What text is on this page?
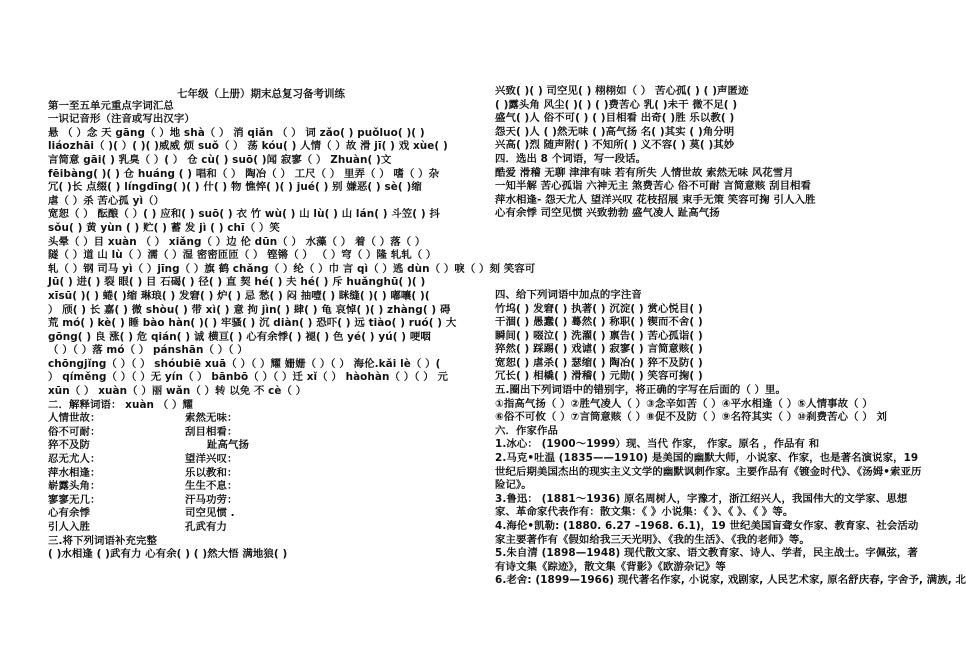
七年级（上册）期末总复习备考训练
第一至五单元重点字词汇总
一识记音形（注音或写出汉字）
悬 （ ）念 天 gāng（ ）地 shà（ ） 消 qiǎn （ ） 词 zǎo( ) puǒluo( )( )
liáozhāi（ )( ）( )( )威威 烦 suǒ（ ） 荡 kóu( ) 人情（ ）故 滑 jī( ) 戏 xùe( )
言简意 gāi( ) 乳臭（ ）( ） 仓 cù( ) suō( )闻 寂寥（ ） Zhuàn( )文
fēibàng( )( ) 仓 huáng ( ) 唱和（ ） 陶冶（ ） 工尺（ ） 里弄（ ） 嗜（ ）杂
冗( )长 点缀( ) língdīng( )( ) 什( ) 物 憔悴( )( ) jué( ) 别 嫌恶( ) sè( )缩
虐（ ）杀 苦心孤 yì（）
宽恕（ ） 酝酿（ ）( ) 应和( ) suō( ) 衣 竹 wù( ) 山 lù( ) 山 lán( ) 斗笠( ) 抖
sǒu( ) 黄 yùn ( ) 贮( ) 蓄 发 jì ( ) chī（ ）笑
头晕（ ）目 xuàn （ ） xiǎng（ ）边 伦 dūn（ ） 水藻（ ） 着（ ）落（ ）
隧（ ）道 山 lù（ ）濡（ ）湿 密密匝匝（ ） 铿锵（ ） （ ）穹（ ）隆 轧轧（ ）
轧（ ）钢 司马 yì（ ）jīng（ ）旗 鹤 chǎng（ ）纶（ ）巾 言 qì（ ）逃 dùn（ ）唳（ ）刻 笑容可
Jū( ) 进( ) 裂 眼( ) 目 石碣( ) 径( ) 直 契 hé( ) 夫 hé( ) 斥 huǎnghū( )( )
xīsū( )( ) 蜷( )缩 琳琅( ) 发窘( ) 炉( ) 忌 愁( ) 闷 抽噎( ) 眯缝( )( ) 嘟嚷( )(
） 颀( ) 长 嘉( ) 微 shòu( ) 带 xì( ) 意 拘 jìn( ) 肆( ) 龟 哀悼( )( ) zhàng( ) 碍
荒 mó( ) kè( ) 睡 bào hàn( )( ) 牢骚( ) 沉 diàn( ) 恐吓( ) 远 tiào( ) ruó( ) 大
gōng( ) 良 涨( ) 危 qián( ) 诚 横亘( ) 心有余悸( ) 褪( ) 色 yé( ) yú( ) 哽咽
（ ）（ ）落 mó（ ） pánshān（ ）（ ）
chōngjǐng（ ）（ ） shóubiē xuā（ ）（ ）耀 姗姗（ ）（ ） 海伦.kǎi lè（ ）(
） qíměng（ ）（ ）无 yín（ ） bānbō（ ）（ ）迁 xǐ（ ） hàohàn（ ）（ ） 元
xūn（ ） xuàn（ ）丽 wǎn（ ）转 以免 不 cè（ ）
二．解释词语： xuàn （ ）耀
人情世故：	索然无味：
俗不可耐：	刮目相看：
猝不及防	趾高气扬
忍无尤人：	望洋兴叹：
萍水相逢：	乐以教和：
崭露头角：	生生不息：
寥寥无几：	汗马功劳：
心有余悸	司空见惯 .
引人入胜	孔武有力
三.将下列词语补充完整
( )水相逢 ( )武有力 心有余( ) ( )然大悟 满地狼( )
兴致( )( ) 司空见( ) 栩栩如（ ） 苦心孤( ) ( )声匿迹
( )露头角 风尘( )( ) ( )费苦心 乳( )未干 微不足( )
盛气( )人 俗不可( ) ( )目相看 出奇( )胜 乐以教( )
怨天( )人 ( )然无味 ( )高气扬 名( )其实 ( )角分明
兴高( )烈 随声附( ) 不知所( ) 义不容( ) 莫( )其妙
四．选出 8 个词语，写一段话。
酷爱 滑稽 无聊 津津有味 若有所失 人情世故 索然无味 风花雪月
一知半解 苦心孤诣 六神无主 煞费苦心 俗不可耐 言简意赅 刮目相看
萍水相逢- 怨天尤人 望洋兴叹 花枝招展 束手无策 笑容可掬 引人入胜
心有余悸 司空见惯 兴致勃勃 盛气凌人 趾高气扬
四、给下列词语中加点的字注音
竹坞( ) 发窘( ) 执著( ) 沉淀( ) 赏心悦目( )
干涸( ) 愚蠢( ) 蓦然( ) 称职( ) 锲而不舍( )
瞬间( ) 啜泣( ) 洗濯( ) 禀告( ) 苦心孤诣( )
猝然( ) 踩踢( ) 戏谑( ) 寂寥( ) 言简意赅( )
宽恕( ) 虐杀( ) 瑟缩( ) 陶冶( ) 猝不及防( )
冗长( ) 相橇( ) 滑稽( ) 元勋( ) 笑容可掬( )
五.圈出下列词语中的错别字，将正确的字写在后面的（ ）里。
①指高气扬（ ）②胜气凌人（ ）③念辛如苦（ ）④平水相逢（ ）⑤人情事故（ ）
⑥俗不可攸（ ）⑦言筒意赅（ ）⑧促不及防（ ）⑨名符其实（ ）⑩刹费苦心（ ） 刘
六．作家作品
1.冰心： (1900～1999）现、当代 作家， 作家。原名 ，作品有 和
2.马克•吐温 (1835——1910) 是美国的幽默大师，小说家、作家，也是著名演说家，19 世纪后期美国杰出的现实主义文学的幽默讽刺作家。主要作品有《镀金时代》、《汤姆•索亚历险记》。
3.鲁迅： (1881～1936) 原名周树人，字豫才，浙江绍兴人，我国伟大的文学家、思想家、革命家代表作有：散文集：《 》小说集：《 》、《 》、《 》等。
4.海伦•凯勒: (1880. 6.27 –1968. 6.1)，19 世纪美国盲聋女作家、教育家、社会活动家主要著作有《假如给我三天光明》、《我的生活》、《我的老师》等。
5.朱自清 (1898—1948) 现代散文家、语文教育家、诗人、学者，民主战士。字佩弦，著有诗文集《踪迹》，散文集《背影》《欧游杂记》等
6.老舍: (1899—1966) 现代著名作家, 小说家, 戏剧家, 人民艺术家, 原名舒庆春, 字舍予, 满族, 北
